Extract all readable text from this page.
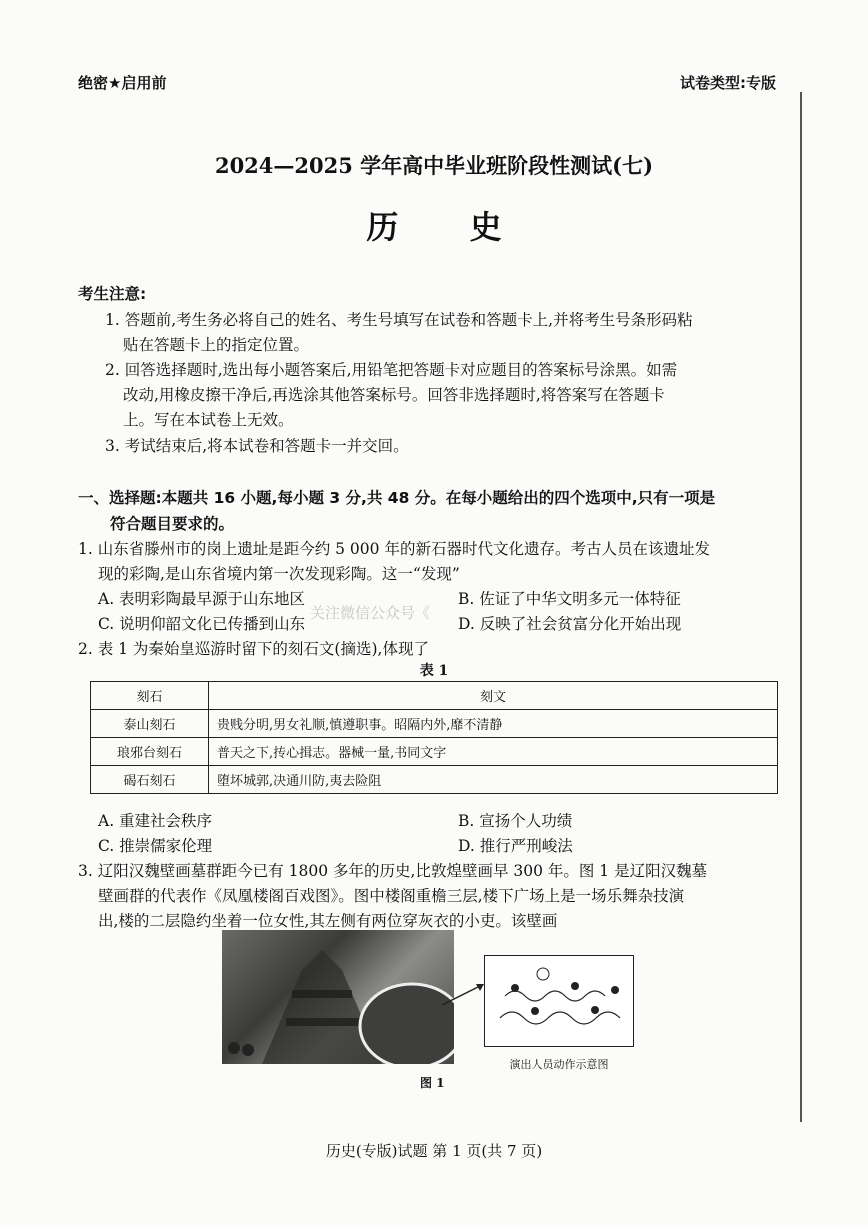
绝密★启用前	试卷类型:专版
2024—2025 学年高中毕业班阶段性测试(七)
历 史
考生注意:
1. 答题前,考生务必将自己的姓名、考生号填写在试卷和答题卡上,并将考生号条形码粘
贴在答题卡上的指定位置。
2. 回答选择题时,选出每小题答案后,用铅笔把答题卡对应题目的答案标号涂黑。如需
改动,用橡皮擦干净后,再选涂其他答案标号。回答非选择题时,将答案写在答题卡
上。写在本试卷上无效。
3. 考试结束后,将本试卷和答题卡一并交回。
一、选择题:本题共 16 小题,每小题 3 分,共 48 分。在每小题给出的四个选项中,只有一项是
符合题目要求的。
1. 山东省滕州市的岗上遗址是距今约 5 000 年的新石器时代文化遗存。考古人员在该遗址发
现的彩陶,是山东省境内第一次发现彩陶。这一“发现”
A. 表明彩陶最早源于山东地区	B. 佐证了中华文明多元一体特征
C. 说明仰韶文化已传播到山东	D. 反映了社会贫富分化开始出现
关注微信公众号《
2. 表 1 为秦始皇巡游时留下的刻石文(摘选),体现了
表 1
刻石	刻文
泰山刻石	贵贱分明,男女礼顺,慎遵职事。昭隔内外,靡不清静
琅邪台刻石	普天之下,抟心揖志。器械一量,书同文字
碣石刻石	堕坏城郭,决通川防,夷去险阻
A. 重建社会秩序	B. 宣扬个人功绩
C. 推崇儒家伦理	D. 推行严刑峻法
3. 辽阳汉魏壁画墓群距今已有 1800 多年的历史,比敦煌壁画早 300 年。图 1 是辽阳汉魏墓
壁画群的代表作《凤凰楼阁百戏图》。图中楼阁重檐三层,楼下广场上是一场乐舞杂技演
出,楼的二层隐约坐着一位女性,其左侧有两位穿灰衣的小吏。该壁画
演出人员动作示意图
图 1
历史(专版)试题 第 1 页(共 7 页)
